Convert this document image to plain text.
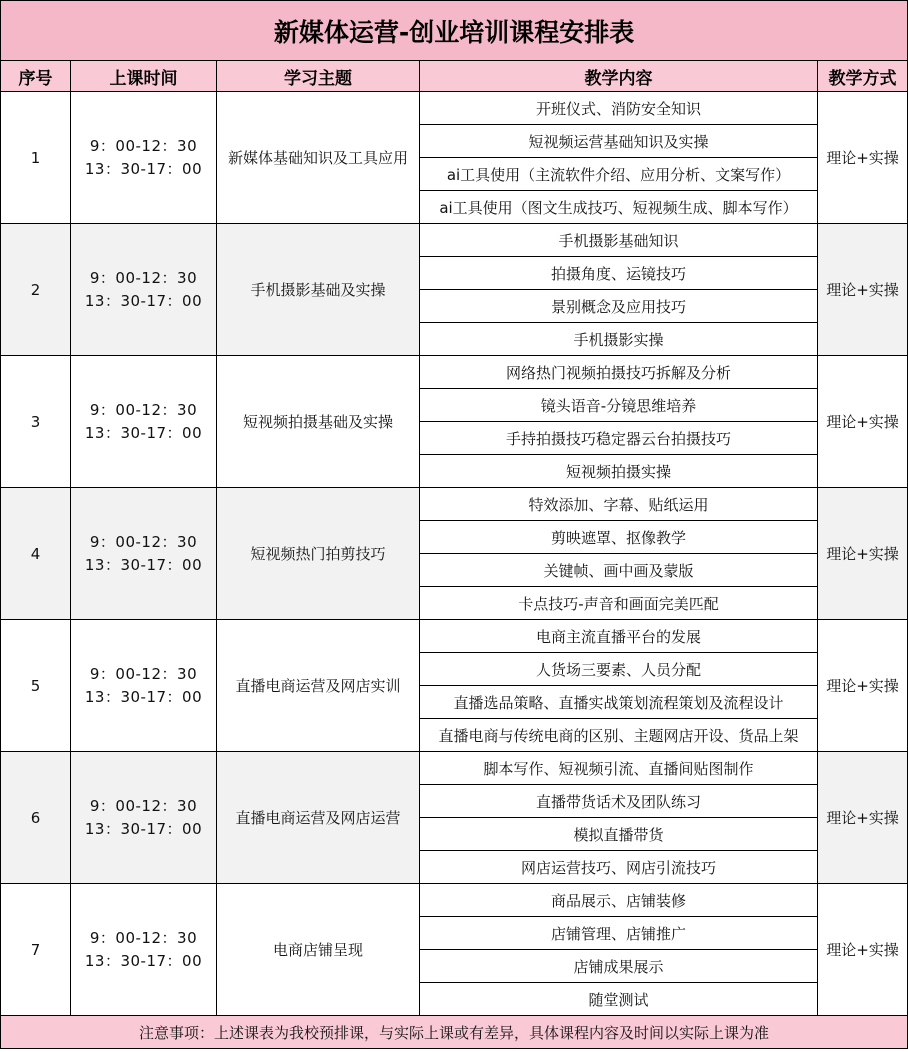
新媒体运营-创业培训课程安排表				
序号	上课时间	学习主题	教学内容	教学方式
1	9：00-12：30
13：30-17：00	新媒体基础知识及工具应用	开班仪式、消防安全知识	理论+实操
			短视频运营基础知识及实操	
			ai工具使用（主流软件介绍、应用分析、文案写作）	
			ai工具使用（图文生成技巧、短视频生成、脚本写作）	
2	9：00-12：30
13：30-17：00	手机摄影基础及实操	手机摄影基础知识	理论+实操
			拍摄角度、运镜技巧	
			景别概念及应用技巧	
			手机摄影实操	
3	9：00-12：30
13：30-17：00	短视频拍摄基础及实操	网络热门视频拍摄技巧拆解及分析	理论+实操
			镜头语音-分镜思维培养	
			手持拍摄技巧稳定器云台拍摄技巧	
			短视频拍摄实操	
4	9：00-12：30
13：30-17：00	短视频热门拍剪技巧	特效添加、字幕、贴纸运用	理论+实操
			剪映遮罩、抠像教学	
			关键帧、画中画及蒙版	
			卡点技巧-声音和画面完美匹配	
5	9：00-12：30
13：30-17：00	直播电商运营及网店实训	电商主流直播平台的发展	理论+实操
			人货场三要素、人员分配	
			直播选品策略、直播实战策划流程策划及流程设计	
			直播电商与传统电商的区别、主题网店开设、货品上架	
6	9：00-12：30
13：30-17：00	直播电商运营及网店运营	脚本写作、短视频引流、直播间贴图制作	理论+实操
			直播带货话术及团队练习	
			模拟直播带货	
			网店运营技巧、网店引流技巧	
7	9：00-12：30
13：30-17：00	电商店铺呈现	商品展示、店铺装修	理论+实操
			店铺管理、店铺推广	
			店铺成果展示	
			随堂测试	
注意事项：上述课表为我校预排课，与实际上课或有差异，具体课程内容及时间以实际上课为准				
